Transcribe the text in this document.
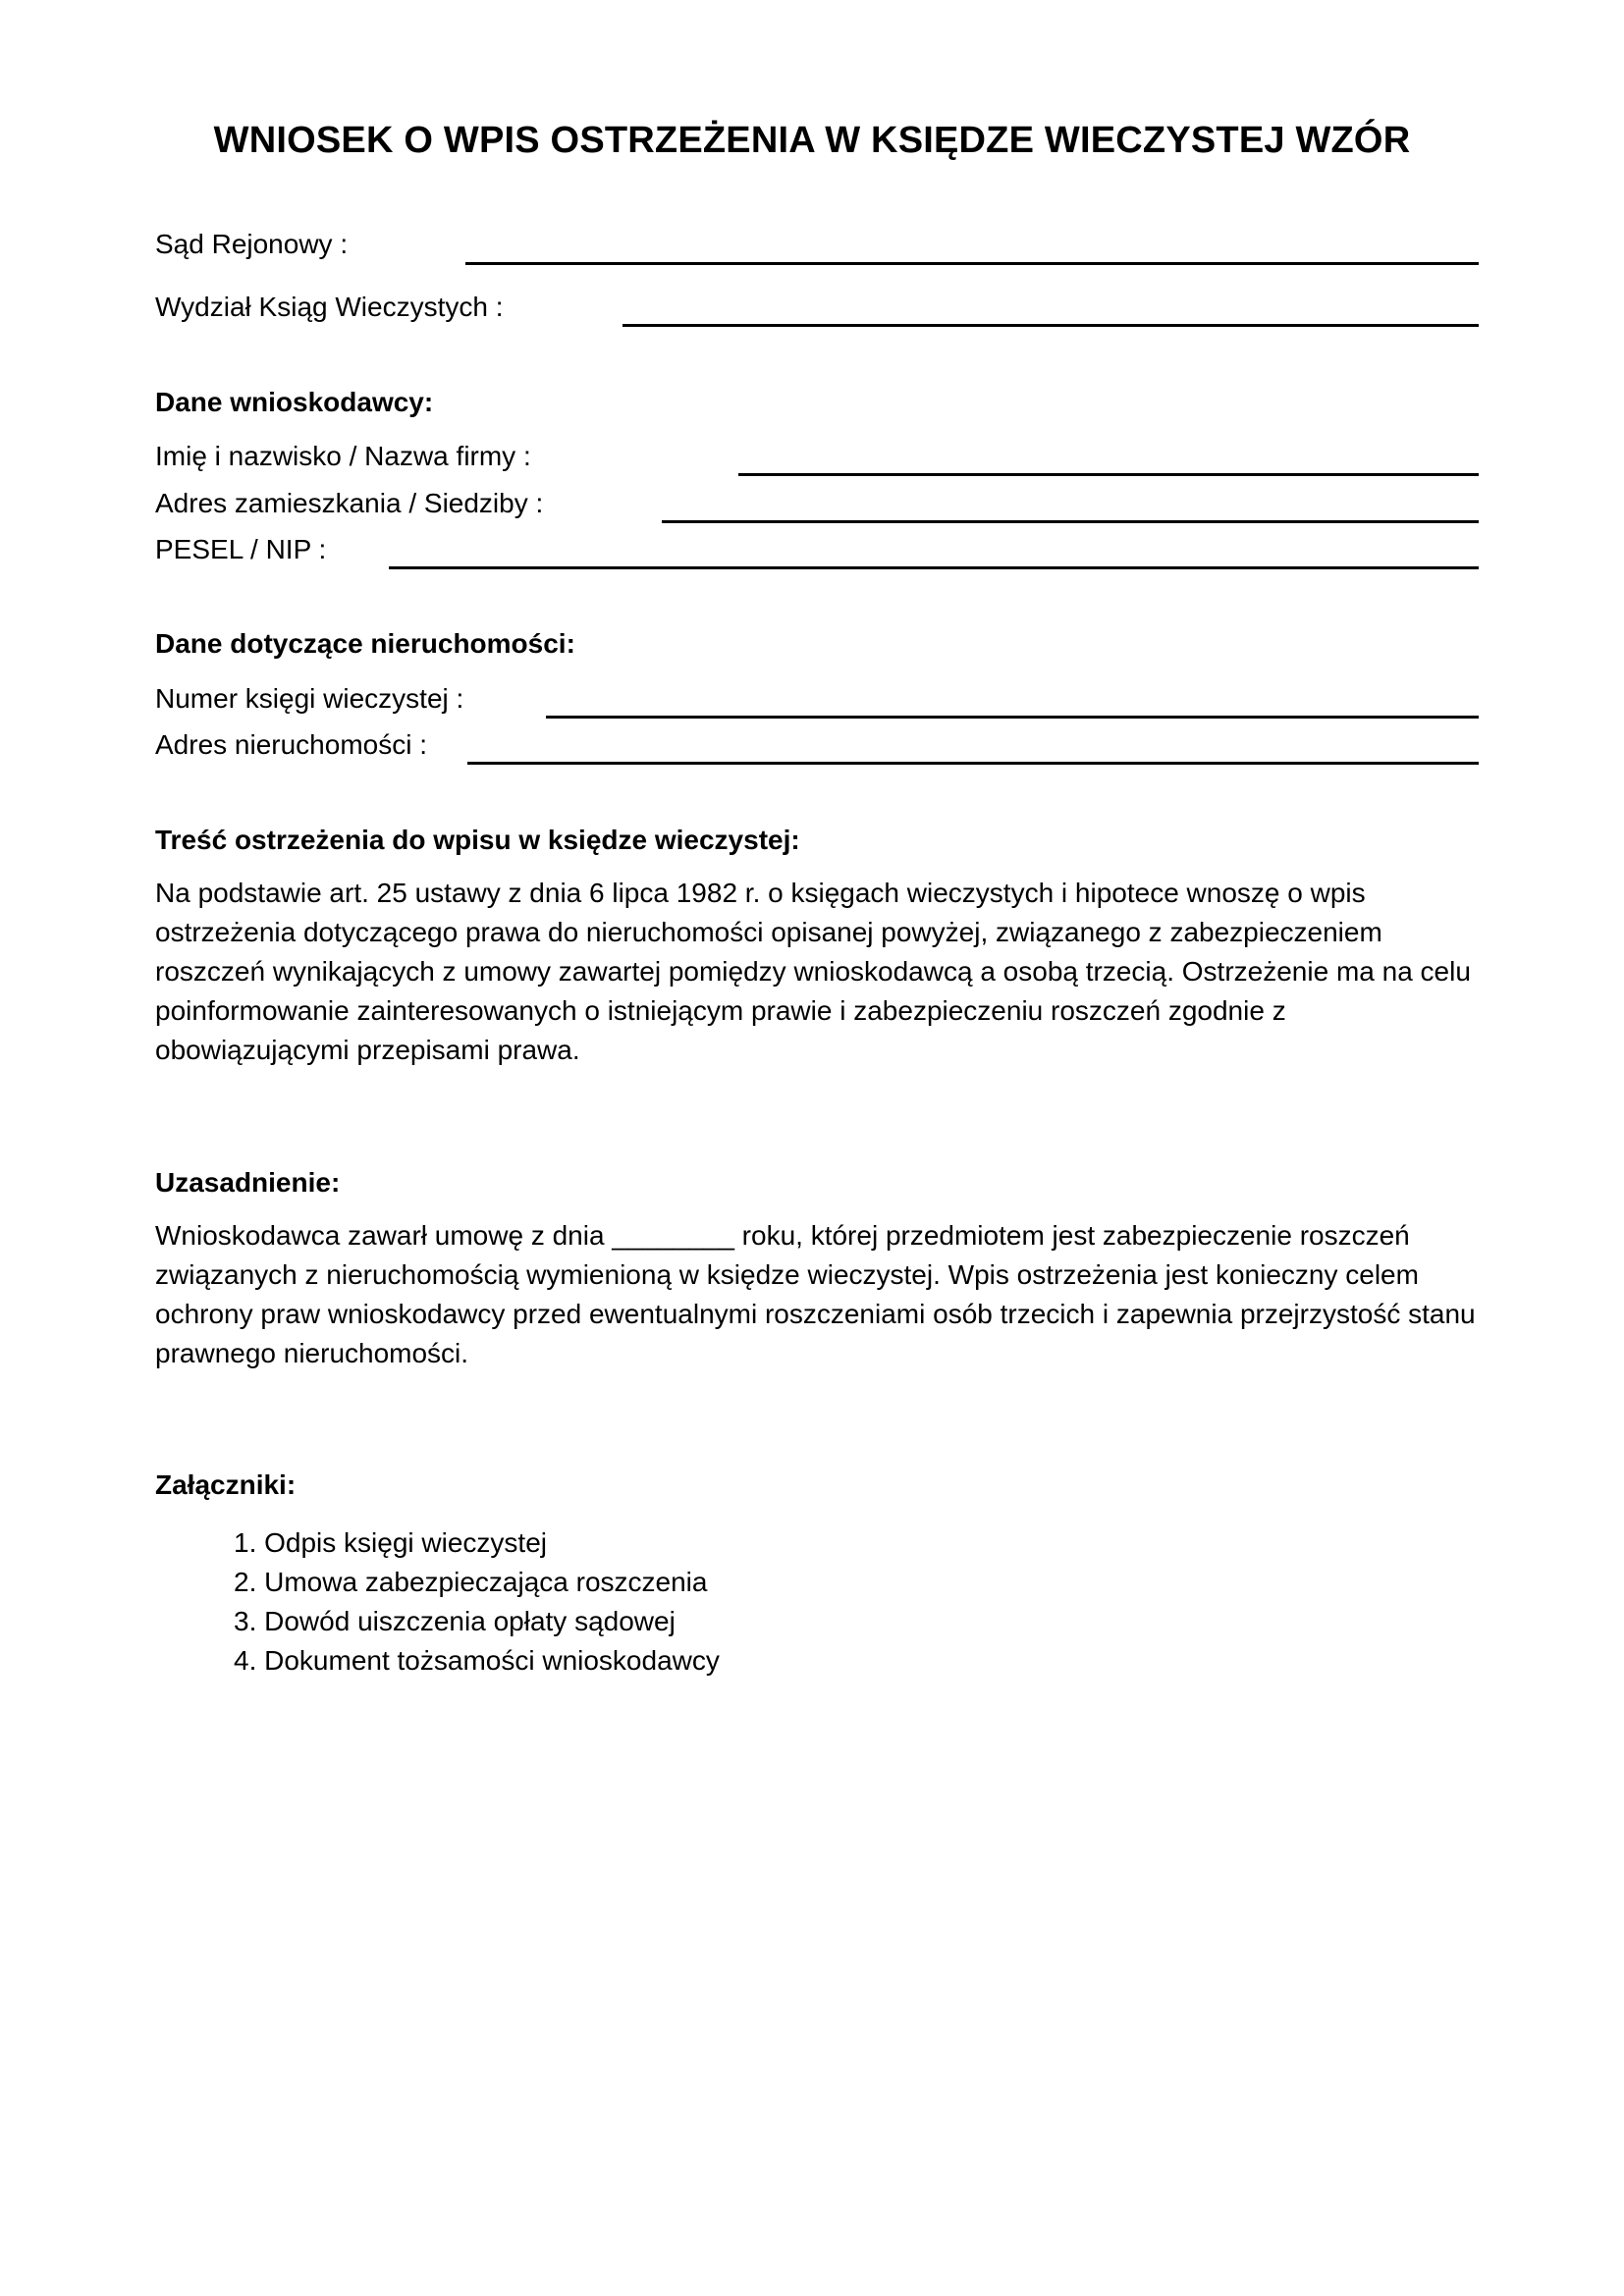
WNIOSEK O WPIS OSTRZEŻENIA W KSIĘDZE WIECZYSTEJ WZÓR
Sąd Rejonowy :
Wydział Ksiąg Wieczystych :
Dane wnioskodawcy:
Imię i nazwisko / Nazwa firmy :
Adres zamieszkania / Siedziby :
PESEL / NIP :
Dane dotyczące nieruchomości:
Numer księgi wieczystej :
Adres nieruchomości :
Treść ostrzeżenia do wpisu w księdze wieczystej:
Na podstawie art. 25 ustawy z dnia 6 lipca 1982 r. o księgach wieczystych i hipotece wnoszę o wpis
ostrzeżenia dotyczącego prawa do nieruchomości opisanej powyżej, związanego z zabezpieczeniem
roszczeń wynikających z umowy zawartej pomiędzy wnioskodawcą a osobą trzecią. Ostrzeżenie ma na celu
poinformowanie zainteresowanych o istniejącym prawie i zabezpieczeniu roszczeń zgodnie z
obowiązującymi przepisami prawa.
Uzasadnienie:
Wnioskodawca zawarł umowę z dnia ________ roku, której przedmiotem jest zabezpieczenie roszczeń
związanych z nieruchomością wymienioną w księdze wieczystej. Wpis ostrzeżenia jest konieczny celem
ochrony praw wnioskodawcy przed ewentualnymi roszczeniami osób trzecich i zapewnia przejrzystość stanu
prawnego nieruchomości.
Załączniki:
1. Odpis księgi wieczystej
2. Umowa zabezpieczająca roszczenia
3. Dowód uiszczenia opłaty sądowej
4. Dokument tożsamości wnioskodawcy
